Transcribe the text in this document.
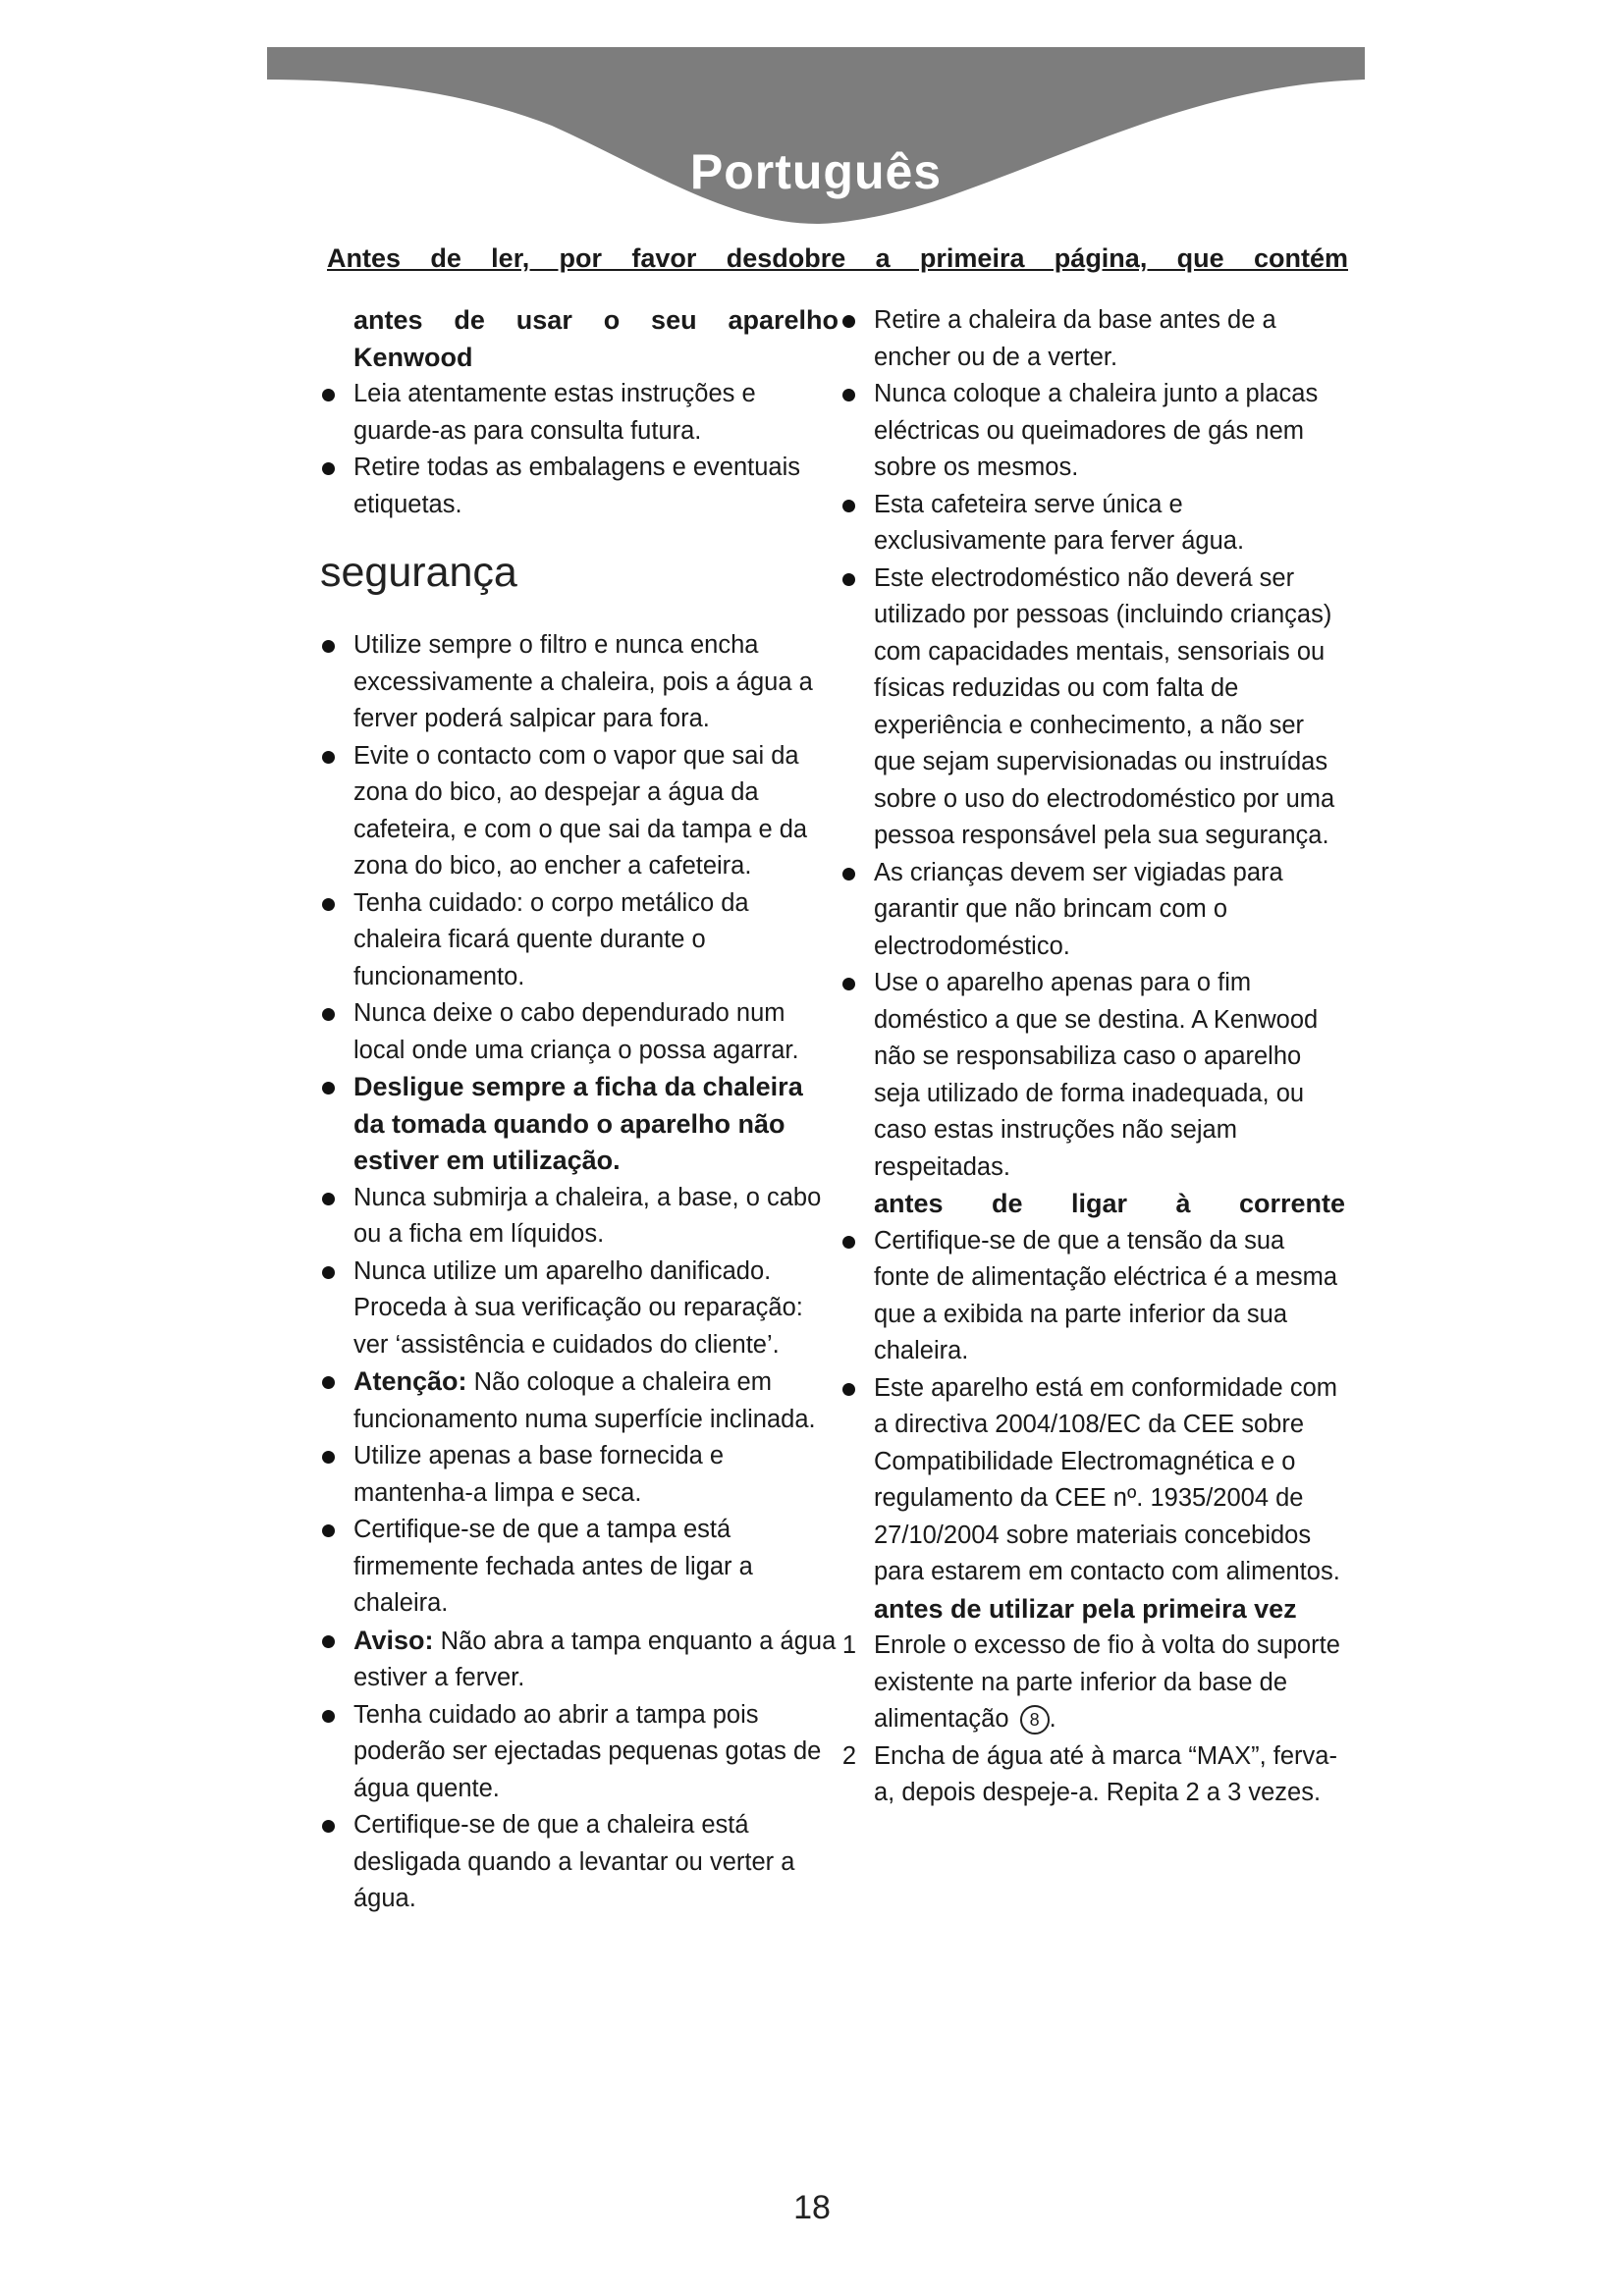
Português
Antes de ler, por favor desdobre a primeira página, que contém
antes de usar o seu aparelho Kenwood
Leia atentamente estas instruções e guarde-as para consulta futura.
Retire todas as embalagens e eventuais etiquetas.
segurança
Utilize sempre o filtro e nunca encha excessivamente a chaleira, pois a água a ferver poderá salpicar para fora.
Evite o contacto com o vapor que sai da zona do bico, ao despejar a água da cafeteira, e com o que sai da tampa e da zona do bico, ao encher a cafeteira.
Tenha cuidado: o corpo metálico da chaleira ficará quente durante o funcionamento.
Nunca deixe o cabo dependurado num local onde uma criança o possa agarrar.
Desligue sempre a ficha da chaleira da tomada quando o aparelho não estiver em utilização.
Nunca submirja a chaleira, a base, o cabo ou a ficha em líquidos.
Nunca utilize um aparelho danificado. Proceda à sua verificação ou reparação: ver ‘assistência e cuidados do cliente’.
Atenção: Não coloque a chaleira em funcionamento numa superfície inclinada.
Utilize apenas a base fornecida e mantenha-a limpa e seca.
Certifique-se de que a tampa está firmemente fechada antes de ligar a chaleira.
Aviso: Não abra a tampa enquanto a água estiver a ferver.
Tenha cuidado ao abrir a tampa pois poderão ser ejectadas pequenas gotas de água quente.
Certifique-se de que a chaleira está desligada quando a levantar ou verter a água.
Retire a chaleira da base antes de a encher ou de a verter.
Nunca coloque a chaleira junto a placas eléctricas ou queimadores de gás nem sobre os mesmos.
Esta cafeteira serve única e exclusivamente para ferver água.
Este electrodoméstico não deverá ser utilizado por pessoas (incluindo crianças) com capacidades mentais, sensoriais ou físicas reduzidas ou com falta de experiência e conhecimento, a não ser que sejam supervisionadas ou instruídas sobre o uso do electrodoméstico por uma pessoa responsável pela sua segurança.
As crianças devem ser vigiadas para garantir que não brincam com o electrodoméstico.
Use o aparelho apenas para o fim doméstico a que se destina. A Kenwood não se responsabiliza caso o aparelho seja utilizado de forma inadequada, ou caso estas instruções não sejam respeitadas.
antes de ligar à corrente
Certifique-se de que a tensão da sua fonte de alimentação eléctrica é a mesma que a exibida na parte inferior da sua chaleira.
Este aparelho está em conformidade com a directiva 2004/108/EC da CEE sobre Compatibilidade Electromagnética e o regulamento da CEE nº. 1935/2004 de 27/10/2004 sobre materiais concebidos para estarem em contacto com alimentos.
antes de utilizar pela primeira vez
1 Enrole o excesso de fio à volta do suporte existente na parte inferior da base de alimentação 8 .
2 Encha de água até à marca “MAX”, ferva-a, depois despeje-a. Repita 2 a 3 vezes.
18
